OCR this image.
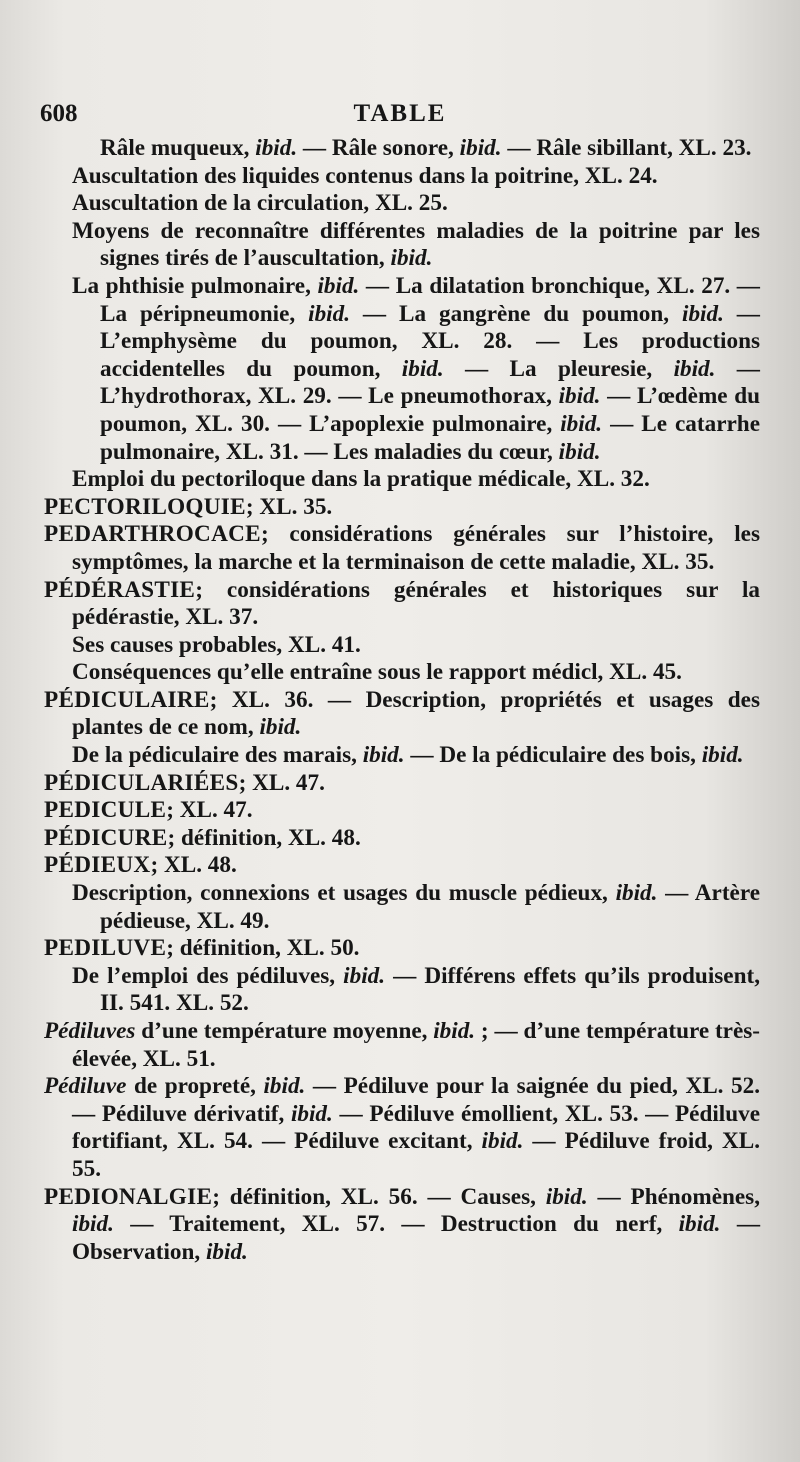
608	TABLE
Râle muqueux, ibid. — Râle sonore, ibid. — Râle sibillant, XL. 23.
Auscultation des liquides contenus dans la poitrine, XL. 24.
Auscultation de la circulation, XL. 25.
Moyens de reconnaître différentes maladies de la poitrine par les signes tirés de l’auscultation, ibid.
La phthisie pulmonaire, ibid. — La dilatation bronchique, XL. 27. — La péripneumonie, ibid. — La gangrène du poumon, ibid. — L’emphysème du poumon, XL. 28. — Les productions accidentelles du poumon, ibid. — La pleuresie, ibid. — L’hydrothorax, XL. 29. — Le pneumothorax, ibid. — L’œdème du poumon, XL. 30. — L’apoplexie pulmonaire, ibid. — Le catarrhe pulmonaire, XL. 31. — Les maladies du cœur, ibid.
Emploi du pectoriloque dans la pratique médicale, XL. 32.
PECTORILOQUIE; XL. 35.
PEDARTHROCACE; considérations générales sur l’histoire, les symptômes, la marche et la terminaison de cette maladie, XL. 35.
PÉDÉRASTIE; considérations générales et historiques sur la pédérastie, XL. 37.
Ses causes probables, XL. 41.
Conséquences qu’elle entraîne sous le rapport médicl, XL. 45.
PÉDICULAIRE; XL. 36. — Description, propriétés et usages des plantes de ce nom, ibid.
De la pédiculaire des marais, ibid. — De la pédiculaire des bois, ibid.
PÉDICULARIÉES; XL. 47.
PEDICULE; XL. 47.
PÉDICURE; définition, XL. 48.
PÉDIEUX; XL. 48.
Description, connexions et usages du muscle pédieux, ibid. — Artère pédieuse, XL. 49.
PEDILUVE; définition, XL. 50.
De l’emploi des pédiluves, ibid. — Différens effets qu’ils produisent, II. 541. XL. 52.
Pédiluves d’une température moyenne, ibid. ; — d’une température très-élevée, XL. 51.
Pédiluve de propreté, ibid. — Pédiluve pour la saignée du pied, XL. 52. — Pédiluve dérivatif, ibid. — Pédiluve émollient, XL. 53. — Pédiluve fortifiant, XL. 54. — Pédiluve excitant, ibid. — Pédiluve froid, XL. 55.
PEDIONALGIE; définition, XL. 56. — Causes, ibid. — Phénomènes, ibid. — Traitement, XL. 57. — Destruction du nerf, ibid. — Observation, ibid.
